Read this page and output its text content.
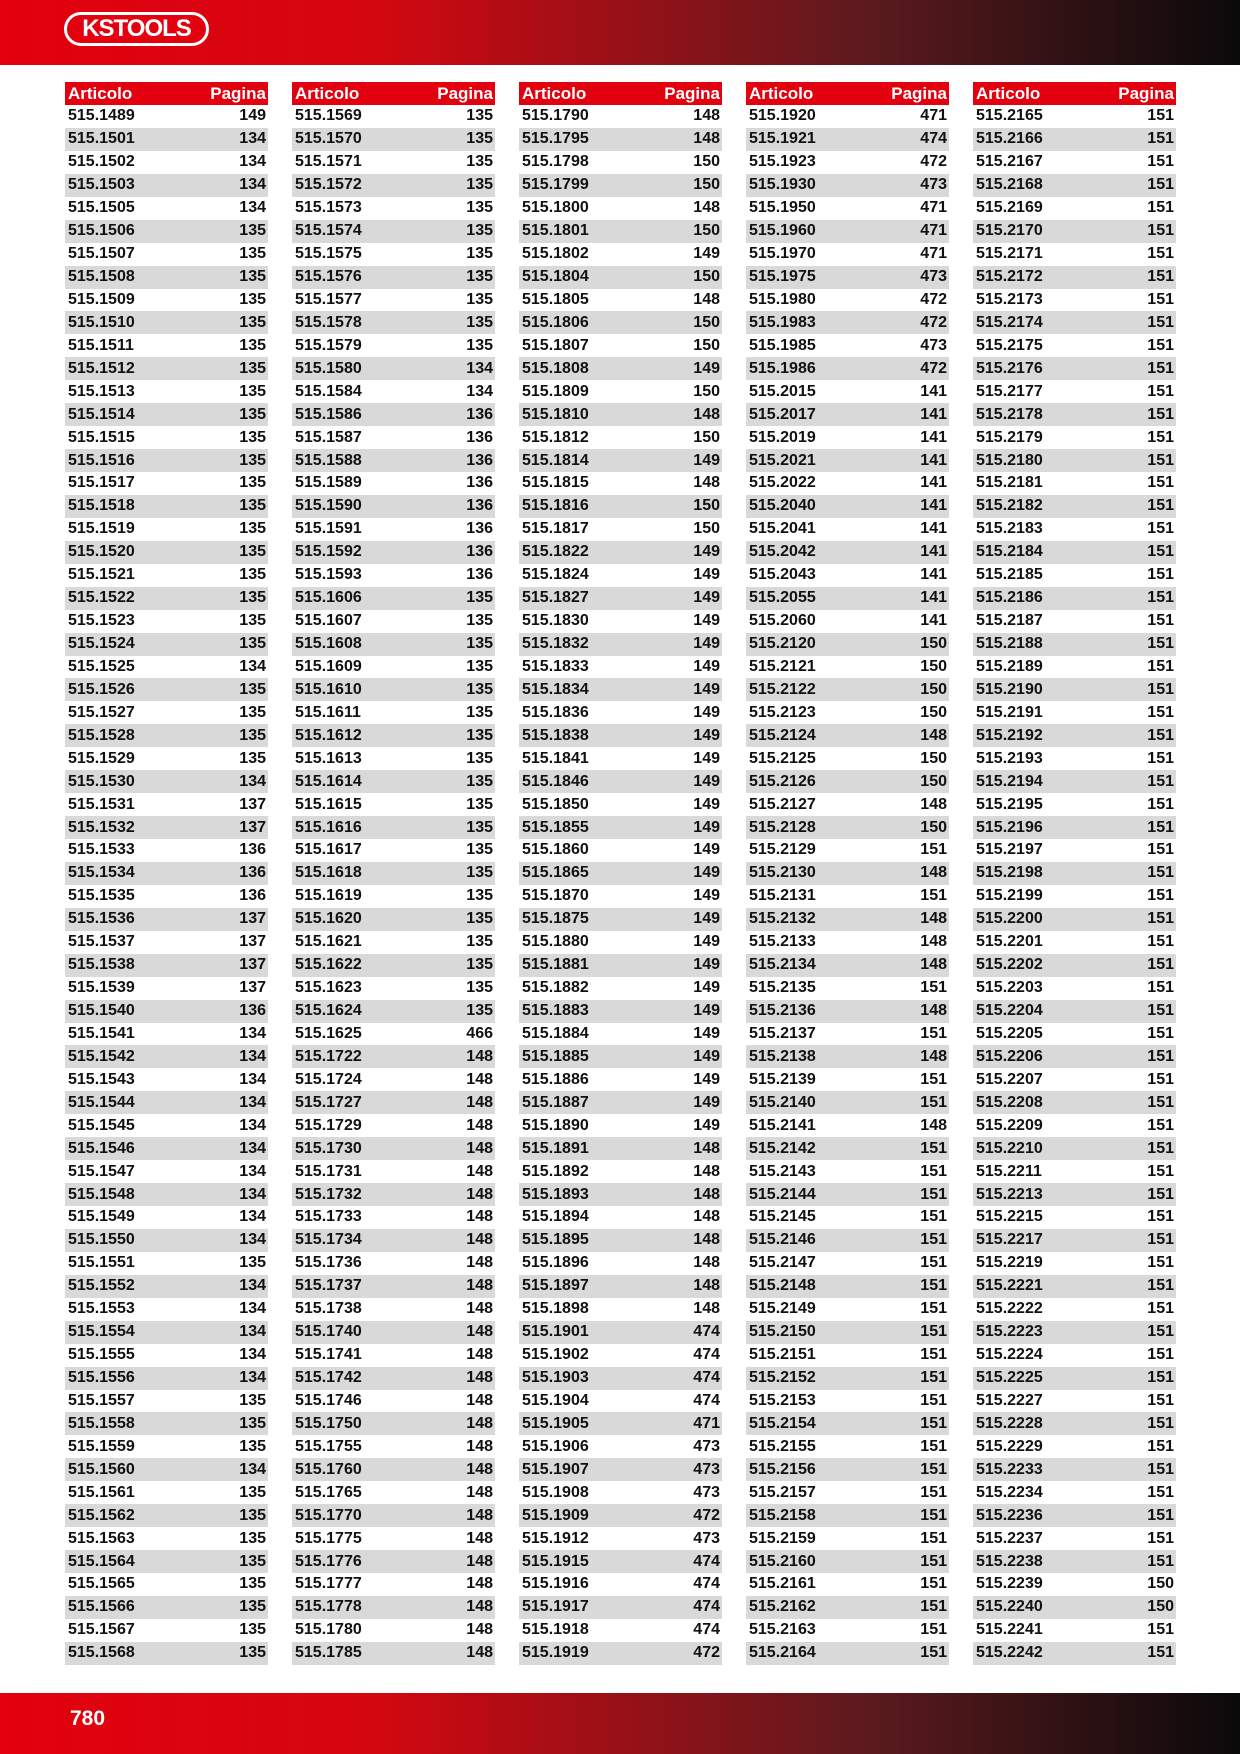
KSTOOLS
Articolo	Pagina
515.1489	149
515.1501	134
515.1502	134
515.1503	134
515.1505	134
515.1506	135
515.1507	135
515.1508	135
515.1509	135
515.1510	135
515.1511	135
515.1512	135
515.1513	135
515.1514	135
515.1515	135
515.1516	135
515.1517	135
515.1518	135
515.1519	135
515.1520	135
515.1521	135
515.1522	135
515.1523	135
515.1524	135
515.1525	134
515.1526	135
515.1527	135
515.1528	135
515.1529	135
515.1530	134
515.1531	137
515.1532	137
515.1533	136
515.1534	136
515.1535	136
515.1536	137
515.1537	137
515.1538	137
515.1539	137
515.1540	136
515.1541	134
515.1542	134
515.1543	134
515.1544	134
515.1545	134
515.1546	134
515.1547	134
515.1548	134
515.1549	134
515.1550	134
515.1551	135
515.1552	134
515.1553	134
515.1554	134
515.1555	134
515.1556	134
515.1557	135
515.1558	135
515.1559	135
515.1560	134
515.1561	135
515.1562	135
515.1563	135
515.1564	135
515.1565	135
515.1566	135
515.1567	135
515.1568	135
Articolo	Pagina
515.1569	135
515.1570	135
515.1571	135
515.1572	135
515.1573	135
515.1574	135
515.1575	135
515.1576	135
515.1577	135
515.1578	135
515.1579	135
515.1580	134
515.1584	134
515.1586	136
515.1587	136
515.1588	136
515.1589	136
515.1590	136
515.1591	136
515.1592	136
515.1593	136
515.1606	135
515.1607	135
515.1608	135
515.1609	135
515.1610	135
515.1611	135
515.1612	135
515.1613	135
515.1614	135
515.1615	135
515.1616	135
515.1617	135
515.1618	135
515.1619	135
515.1620	135
515.1621	135
515.1622	135
515.1623	135
515.1624	135
515.1625	466
515.1722	148
515.1724	148
515.1727	148
515.1729	148
515.1730	148
515.1731	148
515.1732	148
515.1733	148
515.1734	148
515.1736	148
515.1737	148
515.1738	148
515.1740	148
515.1741	148
515.1742	148
515.1746	148
515.1750	148
515.1755	148
515.1760	148
515.1765	148
515.1770	148
515.1775	148
515.1776	148
515.1777	148
515.1778	148
515.1780	148
515.1785	148
Articolo	Pagina
515.1790	148
515.1795	148
515.1798	150
515.1799	150
515.1800	148
515.1801	150
515.1802	149
515.1804	150
515.1805	148
515.1806	150
515.1807	150
515.1808	149
515.1809	150
515.1810	148
515.1812	150
515.1814	149
515.1815	148
515.1816	150
515.1817	150
515.1822	149
515.1824	149
515.1827	149
515.1830	149
515.1832	149
515.1833	149
515.1834	149
515.1836	149
515.1838	149
515.1841	149
515.1846	149
515.1850	149
515.1855	149
515.1860	149
515.1865	149
515.1870	149
515.1875	149
515.1880	149
515.1881	149
515.1882	149
515.1883	149
515.1884	149
515.1885	149
515.1886	149
515.1887	149
515.1890	149
515.1891	148
515.1892	148
515.1893	148
515.1894	148
515.1895	148
515.1896	148
515.1897	148
515.1898	148
515.1901	474
515.1902	474
515.1903	474
515.1904	474
515.1905	471
515.1906	473
515.1907	473
515.1908	473
515.1909	472
515.1912	473
515.1915	474
515.1916	474
515.1917	474
515.1918	474
515.1919	472
Articolo	Pagina
515.1920	471
515.1921	474
515.1923	472
515.1930	473
515.1950	471
515.1960	471
515.1970	471
515.1975	473
515.1980	472
515.1983	472
515.1985	473
515.1986	472
515.2015	141
515.2017	141
515.2019	141
515.2021	141
515.2022	141
515.2040	141
515.2041	141
515.2042	141
515.2043	141
515.2055	141
515.2060	141
515.2120	150
515.2121	150
515.2122	150
515.2123	150
515.2124	148
515.2125	150
515.2126	150
515.2127	148
515.2128	150
515.2129	151
515.2130	148
515.2131	151
515.2132	148
515.2133	148
515.2134	148
515.2135	151
515.2136	148
515.2137	151
515.2138	148
515.2139	151
515.2140	151
515.2141	148
515.2142	151
515.2143	151
515.2144	151
515.2145	151
515.2146	151
515.2147	151
515.2148	151
515.2149	151
515.2150	151
515.2151	151
515.2152	151
515.2153	151
515.2154	151
515.2155	151
515.2156	151
515.2157	151
515.2158	151
515.2159	151
515.2160	151
515.2161	151
515.2162	151
515.2163	151
515.2164	151
Articolo	Pagina
515.2165	151
515.2166	151
515.2167	151
515.2168	151
515.2169	151
515.2170	151
515.2171	151
515.2172	151
515.2173	151
515.2174	151
515.2175	151
515.2176	151
515.2177	151
515.2178	151
515.2179	151
515.2180	151
515.2181	151
515.2182	151
515.2183	151
515.2184	151
515.2185	151
515.2186	151
515.2187	151
515.2188	151
515.2189	151
515.2190	151
515.2191	151
515.2192	151
515.2193	151
515.2194	151
515.2195	151
515.2196	151
515.2197	151
515.2198	151
515.2199	151
515.2200	151
515.2201	151
515.2202	151
515.2203	151
515.2204	151
515.2205	151
515.2206	151
515.2207	151
515.2208	151
515.2209	151
515.2210	151
515.2211	151
515.2213	151
515.2215	151
515.2217	151
515.2219	151
515.2221	151
515.2222	151
515.2223	151
515.2224	151
515.2225	151
515.2227	151
515.2228	151
515.2229	151
515.2233	151
515.2234	151
515.2236	151
515.2237	151
515.2238	151
515.2239	150
515.2240	150
515.2241	151
515.2242	151
780
